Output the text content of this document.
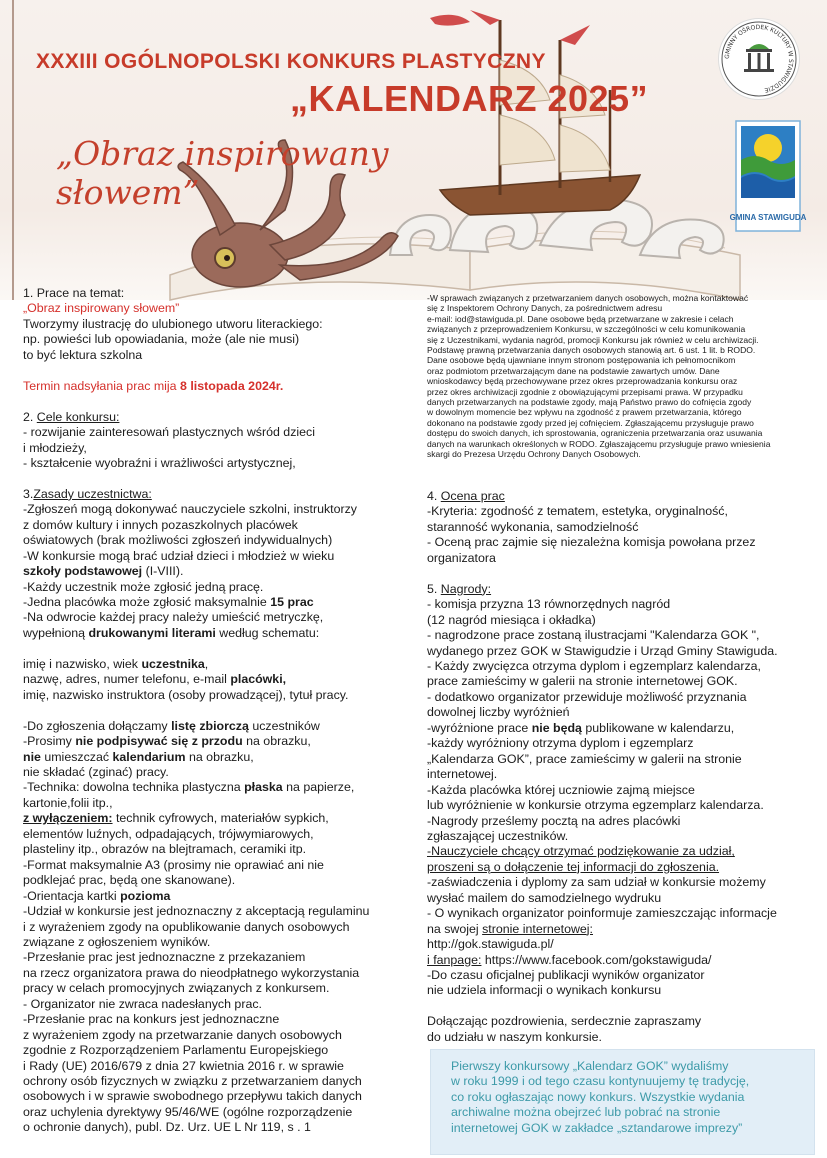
XXXIII OGÓLNOPOLSKI KONKURS PLASTYCZNY
„KALENDARZ 2025”
„Obraz inspirowany słowem”
GMINNY OŚRODEK KULTURY W STAWIGUDZIE
GMINA STAWIGUDA

1. Prace na temat:

„Obraz inspirowany słowem”

Tworzymy ilustrację do ulubionego utworu literackiego:

np. powieści lub opowiadania, może (ale nie musi)

to być lektura szkolna

Termin nadsyłania prac mija 8 listopada 2024r.

2. Cele konkursu:

- rozwijanie zainteresowań plastycznych wśród dzieci

i młodzieży,

- kształcenie wyobraźni i wrażliwości artystycznej,

3.Zasady uczestnictwa:

-Zgłoszeń mogą dokonywać nauczyciele szkolni, instruktorzy

z domów kultury i innych pozaszkolnych placówek

oświatowych (brak możliwości zgłoszeń indywidualnych)

-W konkursie mogą brać udział dzieci i młodzież w wieku

szkoły podstawowej (I-VIII).

-Każdy uczestnik może zgłosić jedną pracę.

-Jedna placówka może zgłosić maksymalnie 15 prac

-Na odwrocie każdej pracy należy umieścić metryczkę,

wypełnioną drukowanymi literami według schematu:

imię i nazwisko, wiek uczestnika,

nazwę, adres, numer telefonu, e-mail placówki,

imię, nazwisko instruktora (osoby prowadzącej), tytuł pracy.

-Do zgłoszenia dołączamy listę zbiorczą uczestników

-Prosimy nie podpisywać się z przodu na obrazku,

nie umieszczać kalendarium na obrazku,

nie składać (zginać) pracy.

-Technika: dowolna technika plastyczna płaska na papierze,

kartonie,folii itp.,

z wyłączeniem: technik cyfrowych, materiałów sypkich,

elementów luźnych, odpadających, trójwymiarowych,

plasteliny itp., obrazów na blejtramach, ceramiki itp.

-Format maksymalnie A3 (prosimy nie oprawiać ani nie

podklejać prac, będą one skanowane).

-Orientacja kartki pozioma

-Udział w konkursie jest jednoznaczny z akceptacją regulaminu

i z wyrażeniem zgody na opublikowanie danych osobowych

związane z ogłoszeniem wyników.

-Przesłanie prac jest jednoznaczne z przekazaniem

na rzecz organizatora prawa do nieodpłatnego wykorzystania

pracy w celach promocyjnych związanych z konkursem.

- Organizator nie zwraca nadesłanych prac.

-Przesłanie prac na konkurs jest jednoznaczne

z wyrażeniem zgody na przetwarzanie danych osobowych

zgodnie z Rozporządzeniem Parlamentu Europejskiego

i Rady (UE) 2016/679 z dnia 27 kwietnia 2016 r. w sprawie

ochrony osób fizycznych w związku z przetwarzaniem danych

osobowych i w sprawie swobodnego przepływu takich danych

oraz uchylenia dyrektywy 95/46/WE (ogólne rozporządzenie

o ochronie danych), publ. Dz. Urz. UE L Nr 119, s . 1

-W sprawach związanych z przetwarzaniem danych osobowych, można kontaktować

się z Inspektorem Ochrony Danych, za pośrednictwem adresu

e-mail: iod@stawiguda.pl. Dane osobowe będą przetwarzane w zakresie i celach

związanych z przeprowadzeniem Konkursu, w szczególności w celu komunikowania

się z Uczestnikami, wydania nagród, promocji Konkursu jak również w celu archiwizacji.

Podstawę prawną przetwarzania danych osobowych stanowią art. 6 ust. 1 lit. b RODO.

Dane osobowe będą ujawniane innym stronom postępowania ich pełnomocnikom

oraz podmiotom przetwarzającym dane na podstawie zawartych umów. Dane

wnioskodawcy będą przechowywane przez okres przeprowadzania konkursu oraz

przez okres archiwizacji zgodnie z obowiązującymi przepisami prawa. W przypadku

danych przetwarzanych na podstawie zgody, mają Państwo prawo do cofnięcia zgody

w dowolnym momencie bez wpływu na zgodność z prawem przetwarzania, którego

dokonano na podstawie zgody przed jej cofnięciem. Zgłaszającemu przysługuje prawo

dostępu do swoich danych, ich sprostowania, ograniczenia przetwarzania oraz usuwania

danych na warunkach określonych w RODO. Zgłaszającemu przysługuje prawo wniesienia

skargi do Prezesa Urzędu Ochrony Danych Osobowych.

4. Ocena prac

-Kryteria: zgodność z tematem, estetyka, oryginalność,

staranność wykonania, samodzielność

- Oceną prac zajmie się niezależna komisja powołana przez

organizatora

5. Nagrody:

- komisja przyzna 13 równorzędnych nagród

(12 nagród miesiąca i okładka)

- nagrodzone prace zostaną ilustracjami "Kalendarza GOK ",

wydanego przez GOK w Stawigudzie i Urząd Gminy Stawiguda.

- Każdy zwycięzca otrzyma dyplom i egzemplarz kalendarza,

prace zamieścimy w galerii na stronie internetowej GOK.

- dodatkowo organizator przewiduje możliwość przyznania

dowolnej liczby wyróżnień

-wyróżnione prace nie będą publikowane w kalendarzu,

-każdy wyróżniony otrzyma dyplom i egzemplarz

„Kalendarza GOK”, prace zamieścimy w galerii na stronie

internetowej.

-Każda placówka której uczniowie zajmą miejsce

lub wyróżnienie w konkursie otrzyma egzemplarz kalendarza.

-Nagrody prześlemy pocztą na adres placówki

zgłaszającej uczestników.

-Nauczyciele chcący otrzymać podziękowanie za udział,

proszeni są o dołączenie tej informacji do zgłoszenia.

-zaświadczenia i dyplomy za sam udział w konkursie możemy

wysłać mailem do samodzielnego wydruku

- O wynikach organizator poinformuje zamieszczając informacje

na swojej stronie internetowej:

http://gok.stawiguda.pl/

i fanpage: https://www.facebook.com/gokstawiguda/

-Do czasu oficjalnej publikacji wyników organizator

nie udziela informacji o wynikach konkursu

Dołączając pozdrowienia, serdecznie zapraszamy

do udziału w naszym konkursie.

Pierwszy konkursowy „Kalendarz GOK” wydaliśmy

w roku 1999 i od tego czasu kontynuujemy tę tradycję,

co roku ogłaszając nowy konkurs. Wszystkie wydania

archiwalne można obejrzeć lub pobrać na stronie

internetowej GOK w zakładce „sztandarowe imprezy”
